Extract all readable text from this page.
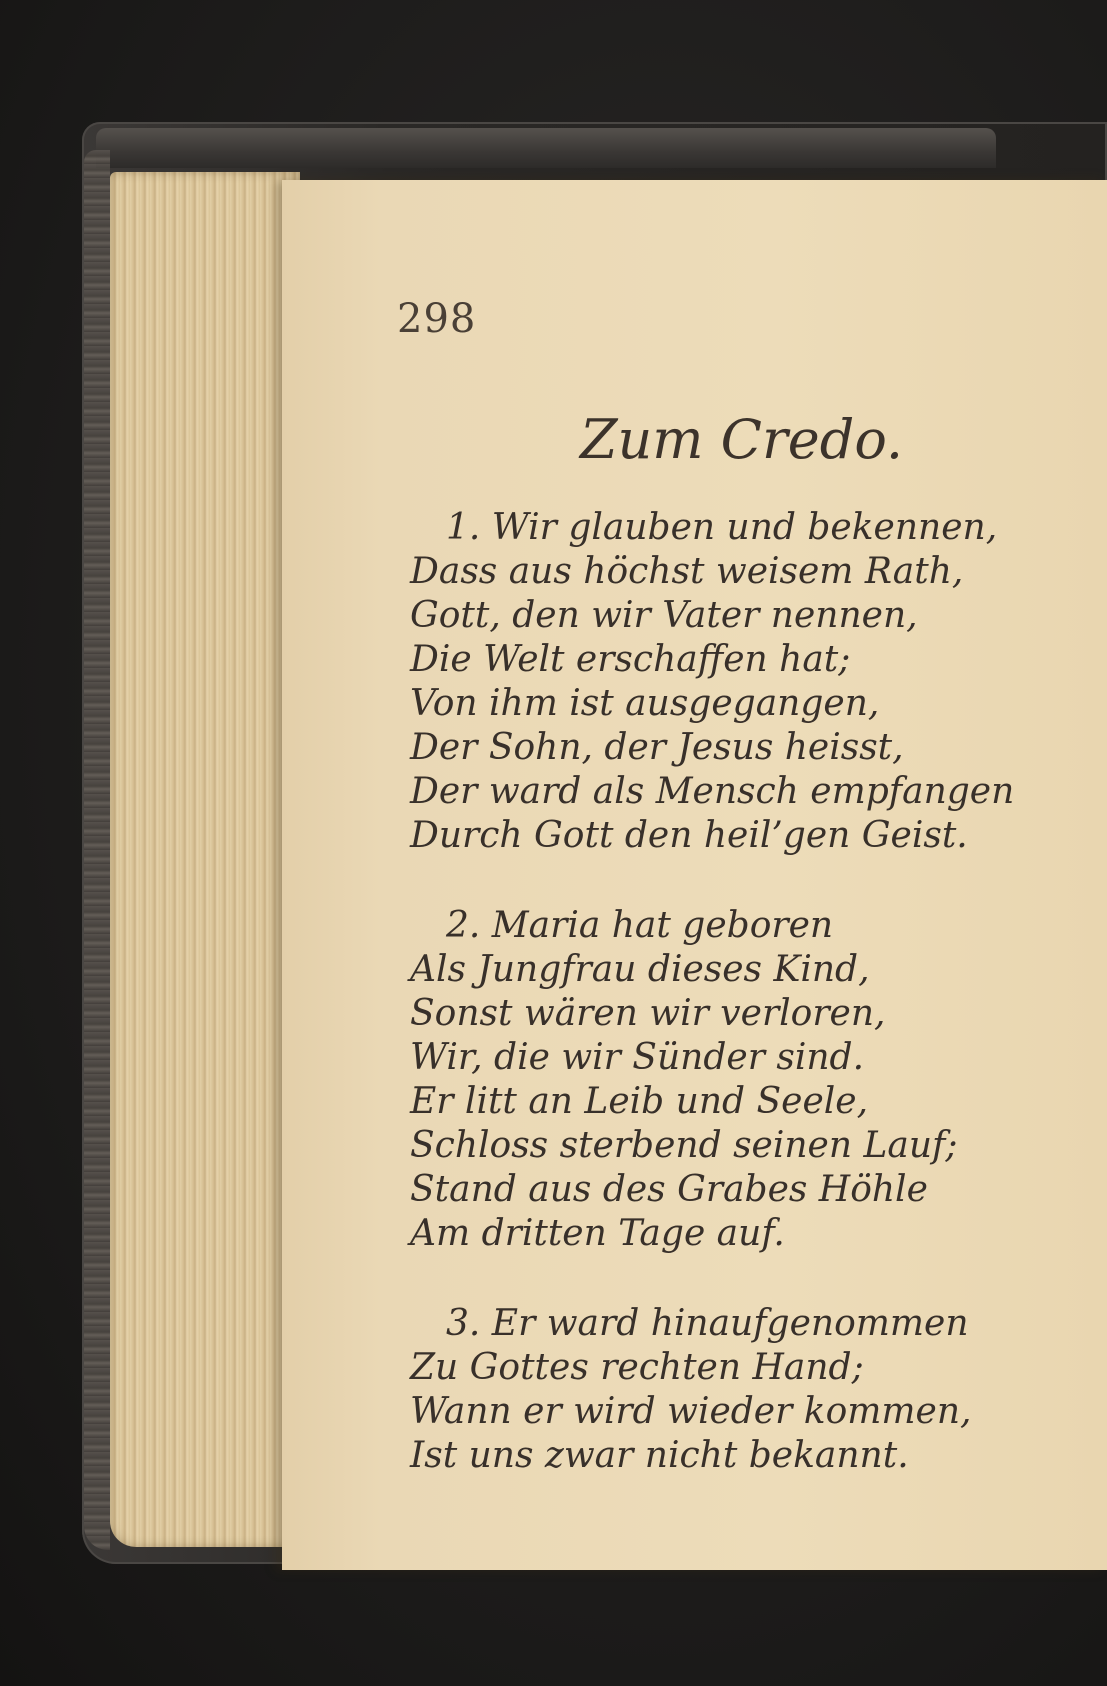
298
Zum Credo.
1. Wir glauben und bekennen,
Dass aus höchst weisem Rath,
Gott, den wir Vater nennen,
Die Welt erschaffen hat;
Von ihm ist ausgegangen,
Der Sohn, der Jesus heisst,
Der ward als Mensch empfangen
Durch Gott den heil’gen Geist.
2. Maria hat geboren
Als Jungfrau dieses Kind,
Sonst wären wir verloren,
Wir, die wir Sünder sind.
Er litt an Leib und Seele,
Schloss sterbend seinen Lauf;
Stand aus des Grabes Höhle
Am dritten Tage auf.
3. Er ward hinaufgenommen
Zu Gottes rechten Hand;
Wann er wird wieder kommen,
Ist uns zwar nicht bekannt.
